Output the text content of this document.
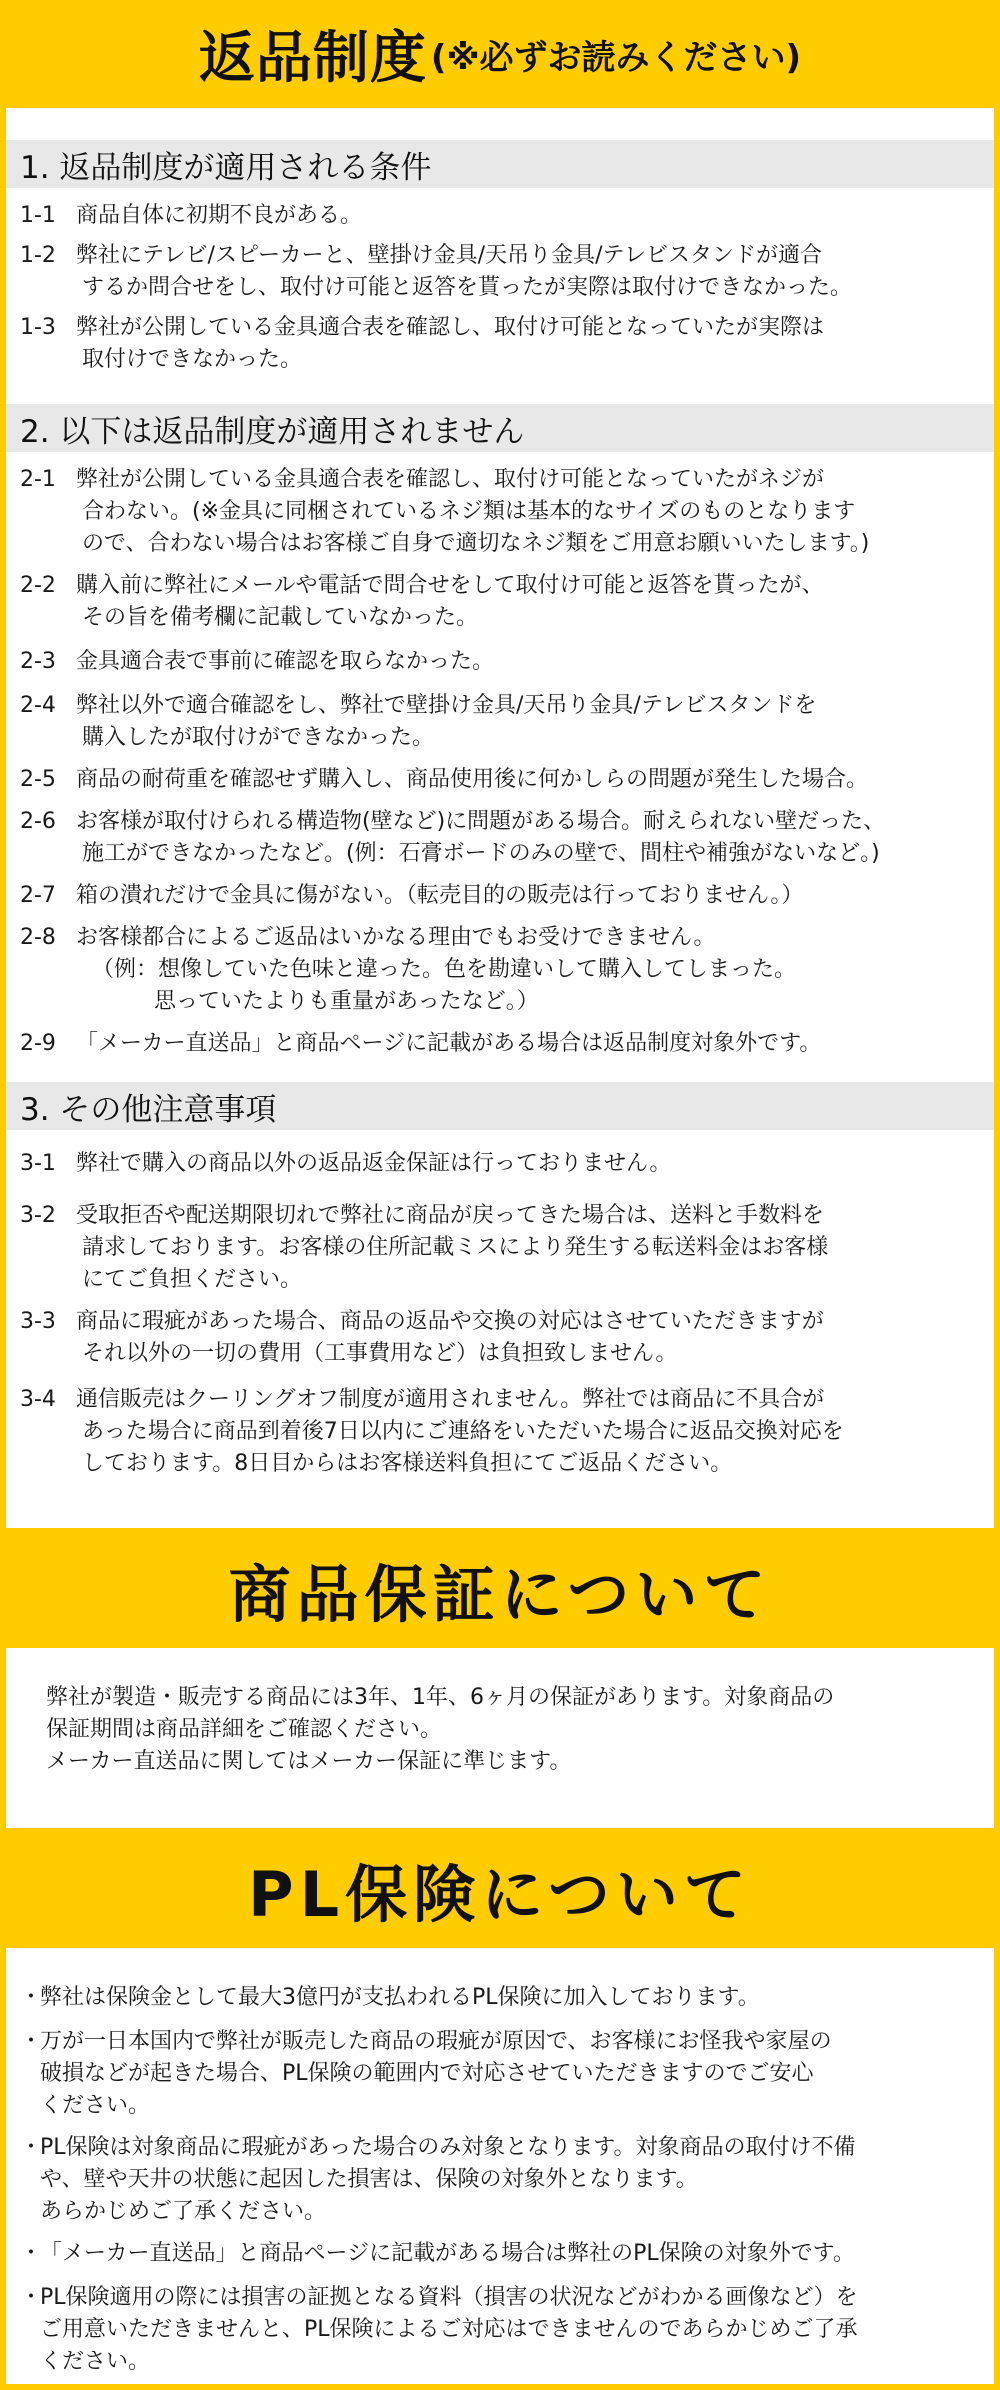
返品制度 (※必ずお読みください)
1. 返品制度が適用される条件
1-1 商品自体に初期不良がある。
1-2 弊社にテレビ/スピーカーと、壁掛け金具/天吊り金具/テレビスタンドが適合
するか問合せをし、取付け可能と返答を貰ったが実際は取付けできなかった。
1-3 弊社が公開している金具適合表を確認し、取付け可能となっていたが実際は
取付けできなかった。
2. 以下は返品制度が適用されません
2-1 弊社が公開している金具適合表を確認し、取付け可能となっていたがネジが
合わない。(※金具に同梱されているネジ類は基本的なサイズのものとなります
ので、合わない場合はお客様ご自身で適切なネジ類をご用意お願いいたします。)
2-2 購入前に弊社にメールや電話で問合せをして取付け可能と返答を貰ったが、
その旨を備考欄に記載していなかった。
2-3 金具適合表で事前に確認を取らなかった。
2-4 弊社以外で適合確認をし、弊社で壁掛け金具/天吊り金具/テレビスタンドを
購入したが取付けができなかった。
2-5 商品の耐荷重を確認せず購入し、商品使用後に何かしらの問題が発生した場合。
2-6 お客様が取付けられる構造物(壁など)に問題がある場合。耐えられない壁だった、
施工ができなかったなど。(例：石膏ボードのみの壁で、間柱や補強がないなど。)
2-7 箱の潰れだけで金具に傷がない。（転売目的の販売は行っておりません。）
2-8 お客様都合によるご返品はいかなる理由でもお受けできません。
（例：想像していた色味と違った。色を勘違いして購入してしまった。
思っていたよりも重量があったなど。）
2-9 「メーカー直送品」と商品ページに記載がある場合は返品制度対象外です。
3. その他注意事項
3-1 弊社で購入の商品以外の返品返金保証は行っておりません。
3-2 受取拒否や配送期限切れで弊社に商品が戻ってきた場合は、送料と手数料を
請求しております。お客様の住所記載ミスにより発生する転送料金はお客様
にてご負担ください。
3-3 商品に瑕疵があった場合、商品の返品や交換の対応はさせていただきますが
それ以外の一切の費用（工事費用など）は負担致しません。
3-4 通信販売はクーリングオフ制度が適用されません。弊社では商品に不具合が
あった場合に商品到着後7日以内にご連絡をいただいた場合に返品交換対応を
しております。8日目からはお客様送料負担にてご返品ください。
商品保証について
弊社が製造・販売する商品には3年、1年、6ヶ月の保証があります。対象商品の
保証期間は商品詳細をご確認ください。
メーカー直送品に関してはメーカー保証に準じます。
PL保険について
・
弊社は保険金として最大3億円が支払われるPL保険に加入しております。
・
万が一日本国内で弊社が販売した商品の瑕疵が原因で、お客様にお怪我や家屋の
破損などが起きた場合、PL保険の範囲内で対応させていただきますのでご安心
ください。
・
PL保険は対象商品に瑕疵があった場合のみ対象となります。対象商品の取付け不備
や、壁や天井の状態に起因した損害は、保険の対象外となります。
あらかじめご了承ください。
・
「メーカー直送品」と商品ページに記載がある場合は弊社のPL保険の対象外です。
・
PL保険適用の際には損害の証拠となる資料（損害の状況などがわかる画像など）を
ご用意いただきませんと、PL保険によるご対応はできませんのであらかじめご了承
ください。
